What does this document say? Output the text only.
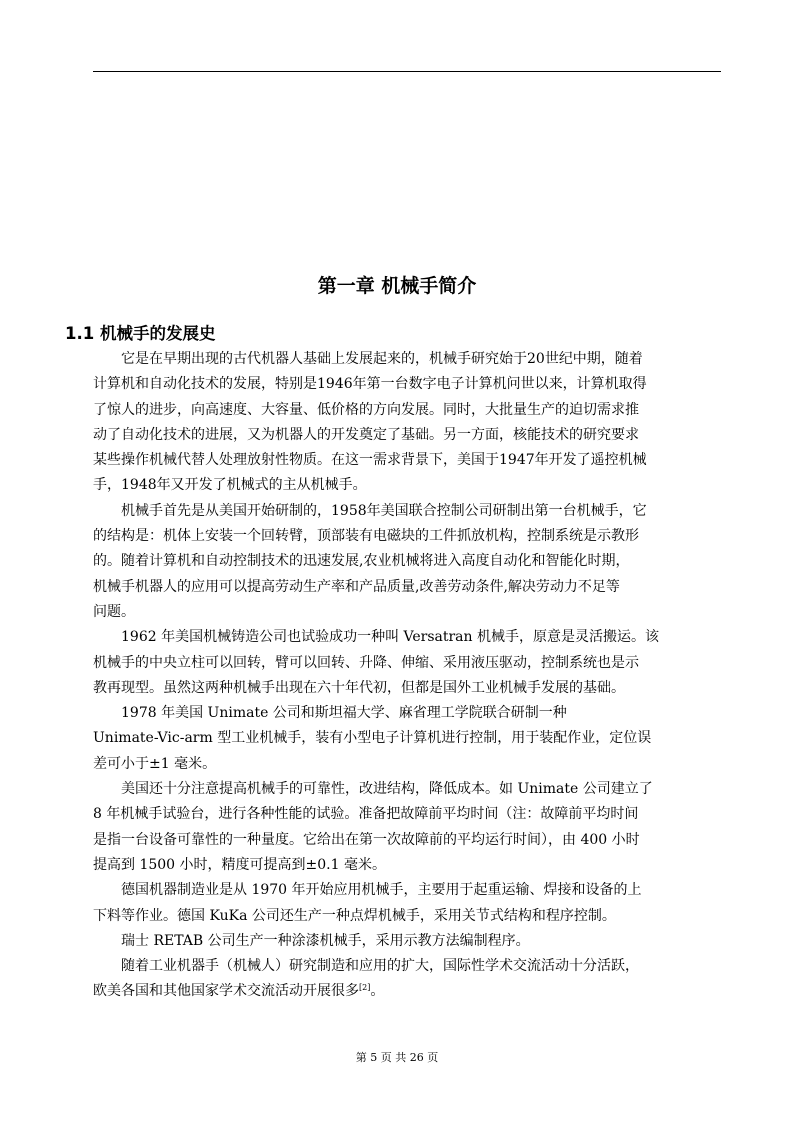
第一章 机械手简介
1.1 机械手的发展史
　　它是在早期出现的古代机器人基础上发展起来的，机械手研究始于20世纪中期，随着
计算机和自动化技术的发展，特别是1946年第一台数字电子计算机问世以来，计算机取得
了惊人的进步，向高速度、大容量、低价格的方向发展。同时，大批量生产的迫切需求推
动了自动化技术的进展，又为机器人的开发奠定了基础。另一方面，核能技术的研究要求
某些操作机械代替人处理放射性物质。在这一需求背景下，美国于1947年开发了遥控机械
手，1948年又开发了机械式的主从机械手。
　　机械手首先是从美国开始研制的，1958年美国联合控制公司研制出第一台机械手，它
的结构是：机体上安装一个回转臂，顶部装有电磁块的工件抓放机构，控制系统是示教形
的。随着计算机和自动控制技术的迅速发展,农业机械将进入高度自动化和智能化时期，
机械手机器人的应用可以提高劳动生产率和产品质量,改善劳动条件,解决劳动力不足等
问题。
　　1962 年美国机械铸造公司也试验成功一种叫 Versatran 机械手，原意是灵活搬运。该
机械手的中央立柱可以回转，臂可以回转、升降、伸缩、采用液压驱动，控制系统也是示
教再现型。虽然这两种机械手出现在六十年代初，但都是国外工业机械手发展的基础。
　　1978 年美国 Unimate 公司和斯坦福大学、麻省理工学院联合研制一种
Unimate-Vic-arm 型工业机械手，装有小型电子计算机进行控制，用于装配作业，定位误
差可小于±1 毫米。
　　美国还十分注意提高机械手的可靠性，改进结构，降低成本。如 Unimate 公司建立了
8 年机械手试验台，进行各种性能的试验。准备把故障前平均时间（注：故障前平均时间
是指一台设备可靠性的一种量度。它给出在第一次故障前的平均运行时间），由 400 小时
提高到 1500 小时，精度可提高到±0.1 毫米。
　　德国机器制造业是从 1970 年开始应用机械手，主要用于起重运输、焊接和设备的上
下料等作业。德国 KuKa 公司还生产一种点焊机械手，采用关节式结构和程序控制。
　　瑞士 RETAB 公司生产一种涂漆机械手，采用示教方法编制程序。
　　随着工业机器手（机械人）研究制造和应用的扩大，国际性学术交流活动十分活跃，
欧美各国和其他国家学术交流活动开展很多[2]。
第 5 页 共 26 页
